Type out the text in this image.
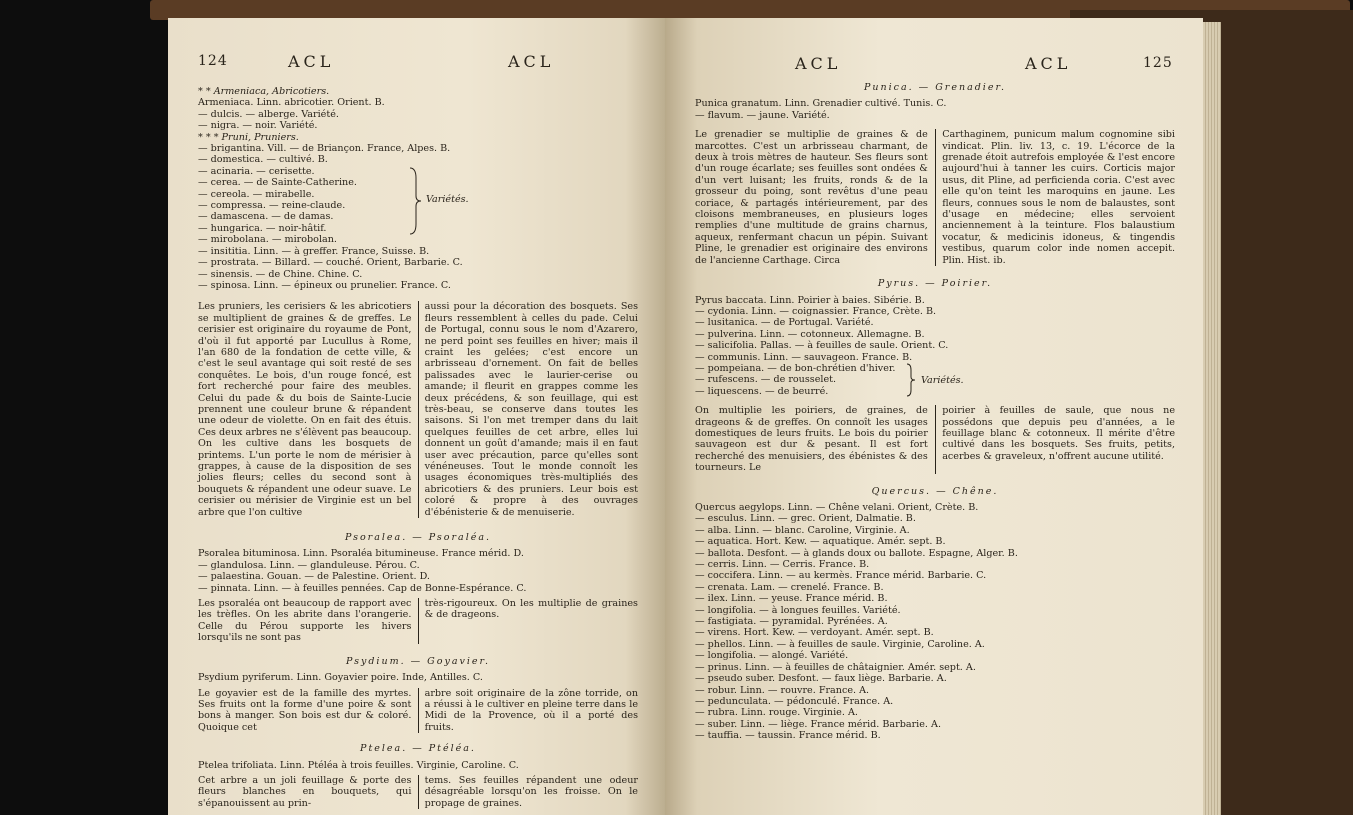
124	ACL	ACL
* * Armeniaca, Abricotiers.
Armeniaca. Linn. abricotier. Orient. B.
— dulcis. — alberge. Variété.
— nigra. — noir. Variété.
* * * Pruni, Pruniers.
— brigantina. Vill. — de Briançon. France, Alpes. B.
— domestica. — cultivé. B.
— acinaria. — cerisette.
— cerea. — de Sainte-Catherine.
— cereola. — mirabelle.
— compressa. — reine-claude.
— damascena. — de damas.
— hungarica. — noir-hâtif.
— mirobolana. — mirobolan.
— insititia. Linn. — à greffer. France, Suisse. B.
— prostrata. — Billard. — couché. Orient, Barbarie. C.
— sinensis. — de Chine. Chine. C.
— spinosa. Linn. — épineux ou prunelier. France. C.
Variétés.

Les pruniers, les cerisiers & les abricotiers se multiplient de graines & de greffes. Le cerisier est originaire du royaume de Pont, d'où il fut apporté par Lucullus à Rome, l'an 680 de la fondation de cette ville, & c'est le seul avantage qui soit resté de ses conquêtes. Le bois, d'un rouge foncé, est fort recherché pour faire des meubles. Celui du pade & du bois de Sainte-Lucie prennent une couleur brune & répandent une odeur de violette. On en fait des étuis. Ces deux arbres ne s'élèvent pas beaucoup. On les cultive dans les bosquets de printems. L'un porte le nom de mérisier à grappes, à cause de la disposition de ses jolies fleurs; celles du second sont à bouquets & répandent une odeur suave. Le cerisier ou mérisier de Virginie est un bel arbre que l'on cultive

aussi pour la décoration des bosquets. Ses fleurs ressemblent à celles du pade. Celui de Portugal, connu sous le nom d'Azarero, ne perd point ses feuilles en hiver; mais il craint les gelées; c'est encore un arbrisseau d'ornement. On fait de belles palissades avec le laurier-cerise ou amande; il fleurit en grappes comme les deux précédens, & son feuillage, qui est très-beau, se conserve dans toutes les saisons. Si l'on met tremper dans du lait quelques feuilles de cet arbre, elles lui donnent un goût d'amande; mais il en faut user avec précaution, parce qu'elles sont vénéneuses. Tout le monde connoît les usages économiques très-multipliés des abricotiers & des pruniers. Leur bois est coloré & propre à des ouvrages d'ébénisterie & de menuiserie.

Psoralea. — Psoraléa.
Psoralea bituminosa. Linn. Psoraléa bitumineuse. France mérid. D.
— glandulosa. Linn. — glanduleuse. Pérou. C.
— palaestina. Gouan. — de Palestine. Orient. D.
— pinnata. Linn. — à feuilles pennées. Cap de Bonne-Espérance. C.

Les psoraléa ont beaucoup de rapport avec les trèfles. On les abrite dans l'orangerie. Celle du Pérou supporte les hivers lorsqu'ils ne sont pas

très-rigoureux. On les multiplie de graines & de drageons.

Psydium. — Goyavier.
Psydium pyriferum. Linn. Goyavier poire. Inde, Antilles. C.

Le goyavier est de la famille des myrtes. Ses fruits ont la forme d'une poire & sont bons à manger. Son bois est dur & coloré. Quoique cet

arbre soit originaire de la zône torride, on a réussi à le cultiver en pleine terre dans le Midi de la Provence, où il a porté des fruits.

Ptelea. — Ptéléa.
Ptelea trifoliata. Linn. Ptéléa à trois feuilles. Virginie, Caroline. C.

Cet arbre a un joli feuillage & porte des fleurs blanches en bouquets, qui s'épanouissent au prin-

tems. Ses feuilles répandent une odeur désagréable lorsqu'on les froisse. On le propage de graines.

ACL	ACL	125
Punica. — Grenadier.
Punica granatum. Linn. Grenadier cultivé. Tunis. C.
— flavum. — jaune. Variété.

Le grenadier se multiplie de graines & de marcottes. C'est un arbrisseau charmant, de deux à trois mètres de hauteur. Ses fleurs sont d'un rouge écarlate; ses feuilles sont ondées & d'un vert luisant; les fruits, ronds & de la grosseur du poing, sont revêtus d'une peau coriace, & partagés intérieurement, par des cloisons membraneuses, en plusieurs loges remplies d'une multitude de grains charnus, aqueux, renfermant chacun un pépin. Suivant Pline, le grenadier est originaire des environs de l'ancienne Carthage. Circa

Carthaginem, punicum malum cognomine sibi vindicat. Plin. liv. 13, c. 19. L'écorce de la grenade étoit autrefois employée & l'est encore aujourd'hui à tanner les cuirs. Corticis major usus, dit Pline, ad perficienda coria. C'est avec elle qu'on teint les maroquins en jaune. Les fleurs, connues sous le nom de balaustes, sont d'usage en médecine; elles servoient anciennement à la teinture. Flos balaustium vocatur, & medicinis idoneus, & tingendis vestibus, quarum color inde nomen accepit. Plin. Hist. ib.

Pyrus. — Poirier.
Pyrus baccata. Linn. Poirier à baies. Sibérie. B.
— cydonia. Linn. — coignassier. France, Crète. B.
— lusitanica. — de Portugal. Variété.
— pulverina. Linn. — cotonneux. Allemagne. B.
— salicifolia. Pallas. — à feuilles de saule. Orient. C.
— communis. Linn. — sauvageon. France. B.
— pompeiana. — de bon-chrétien d'hiver.
— rufescens. — de rousselet.
— liquescens. — de beurré.
Variétés.

On multiplie les poiriers, de graines, de drageons & de greffes. On connoît les usages domestiques de leurs fruits. Le bois du poirier sauvageon est dur & pesant. Il est fort recherché des menuisiers, des ébénistes & des tourneurs. Le

poirier à feuilles de saule, que nous ne possédons que depuis peu d'années, a le feuillage blanc & cotonneux. Il mérite d'être cultivé dans les bosquets. Ses fruits, petits, acerbes & graveleux, n'offrent aucune utilité.

Quercus. — Chêne.
Quercus aegylops. Linn. — Chêne velani. Orient, Crète. B.
— esculus. Linn. — grec. Orient, Dalmatie. B.
— alba. Linn. — blanc. Caroline, Virginie. A.
— aquatica. Hort. Kew. — aquatique. Amér. sept. B.
— ballota. Desfont. — à glands doux ou ballote. Espagne, Alger. B.
— cerris. Linn. — Cerris. France. B.
— coccifera. Linn. — au kermès. France mérid. Barbarie. C.
— crenata. Lam. — crenelé. France. B.
— ilex. Linn. — yeuse. France mérid. B.
— longifolia. — à longues feuilles. Variété.
— fastigiata. — pyramidal. Pyrénées. A.
— virens. Hort. Kew. — verdoyant. Amér. sept. B.
— phellos. Linn. — à feuilles de saule. Virginie, Caroline. A.
— longifolia. — alongé. Variété.
— prinus. Linn. — à feuilles de châtaignier. Amér. sept. A.
— pseudo suber. Desfont. — faux liège. Barbarie. A.
— robur. Linn. — rouvre. France. A.
— pedunculata. — pédonculé. France. A.
— rubra. Linn. rouge. Virginie. A.
— suber. Linn. — liège. France mérid. Barbarie. A.
— tauffia. — taussin. France mérid. B.
